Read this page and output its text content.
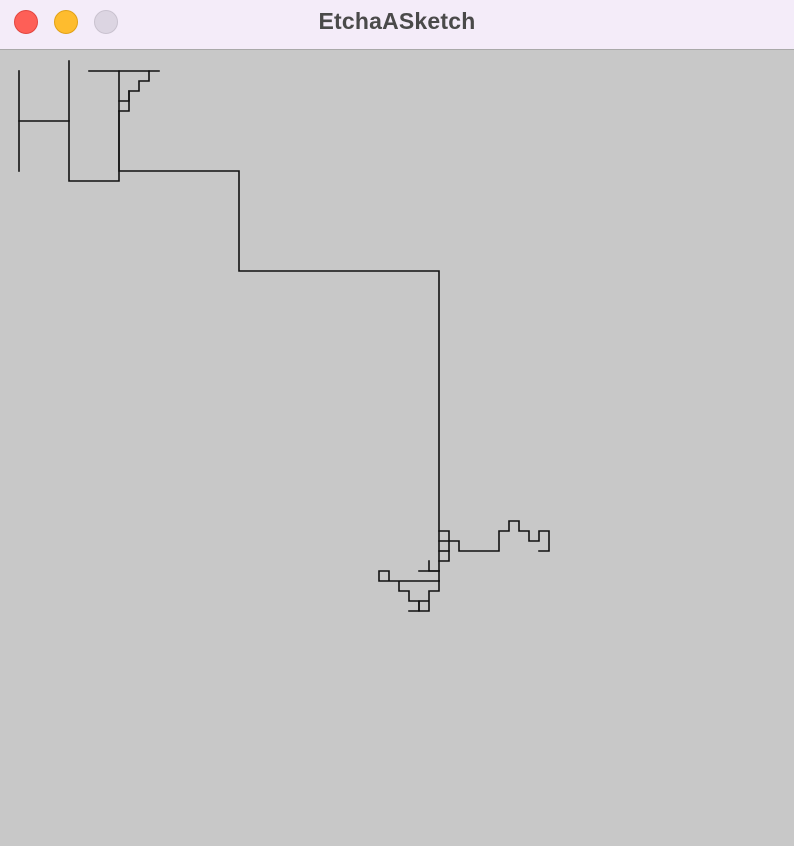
EtchaASketch
